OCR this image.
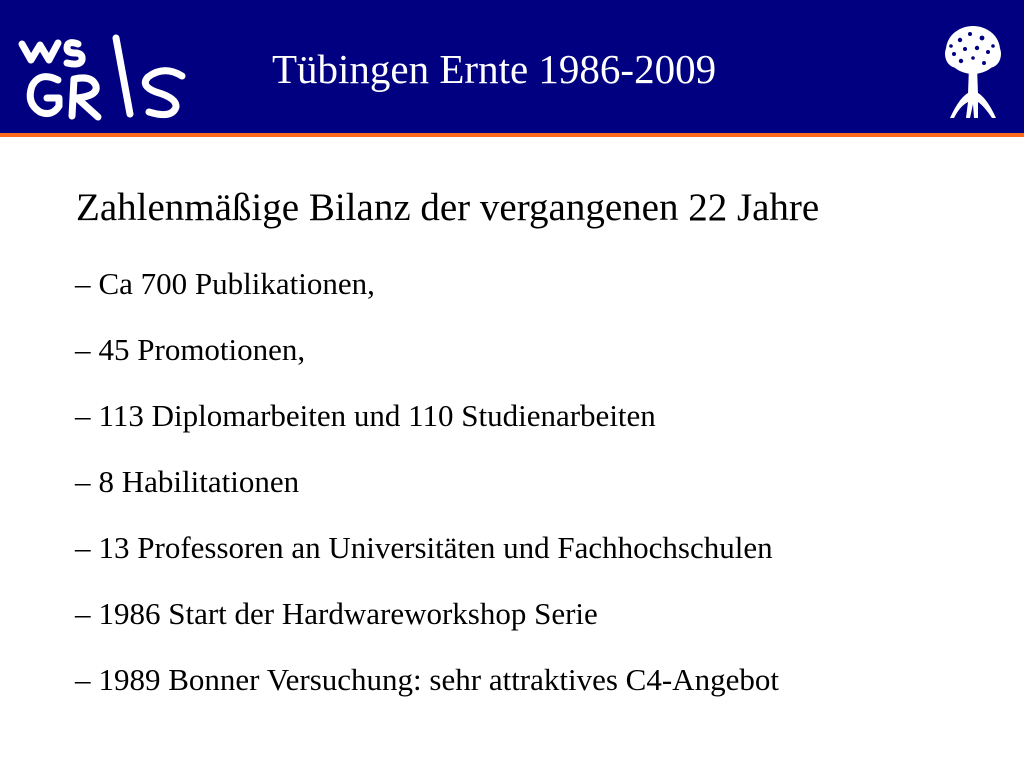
Tübingen Ernte 1986-2009
Zahlenmäßige Bilanz der vergangenen 22 Jahre
– Ca 700 Publikationen,
– 45 Promotionen,
– 113 Diplomarbeiten und 110 Studienarbeiten
– 8 Habilitationen
– 13 Professoren an Universitäten und Fachhochschulen
– 1986 Start der Hardwareworkshop Serie
– 1989 Bonner Versuchung: sehr attraktives C4-Angebot
